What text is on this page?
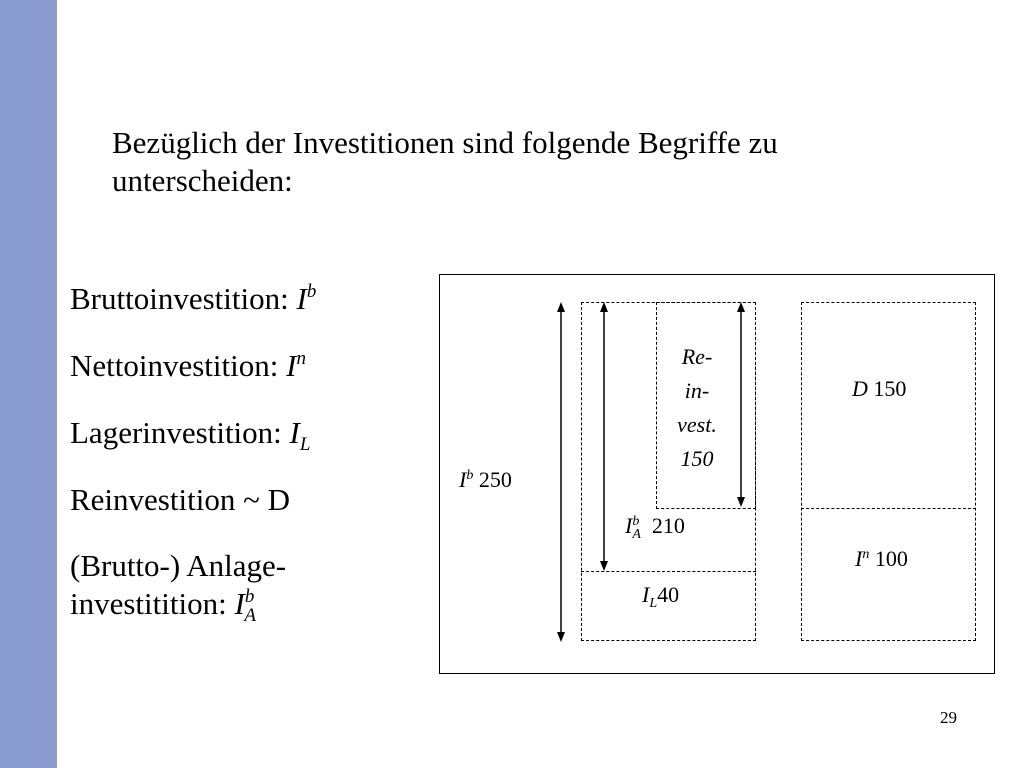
Bezüglich der Investitionen sind folgende Begriffe zu unterscheiden:

Bruttoinvestition: $I^b$
Nettoinvestition: $I^n$
Lagerinvestition: $I_L$
Reinvestition ~ D
(Brutto-) Anlage-
investitition: $I^b_A$
$I^b$ 250
Re-
in-
vest.
150
$I^b_A$ 210
$I_L40$
D 150
$I^n$ 100
29
